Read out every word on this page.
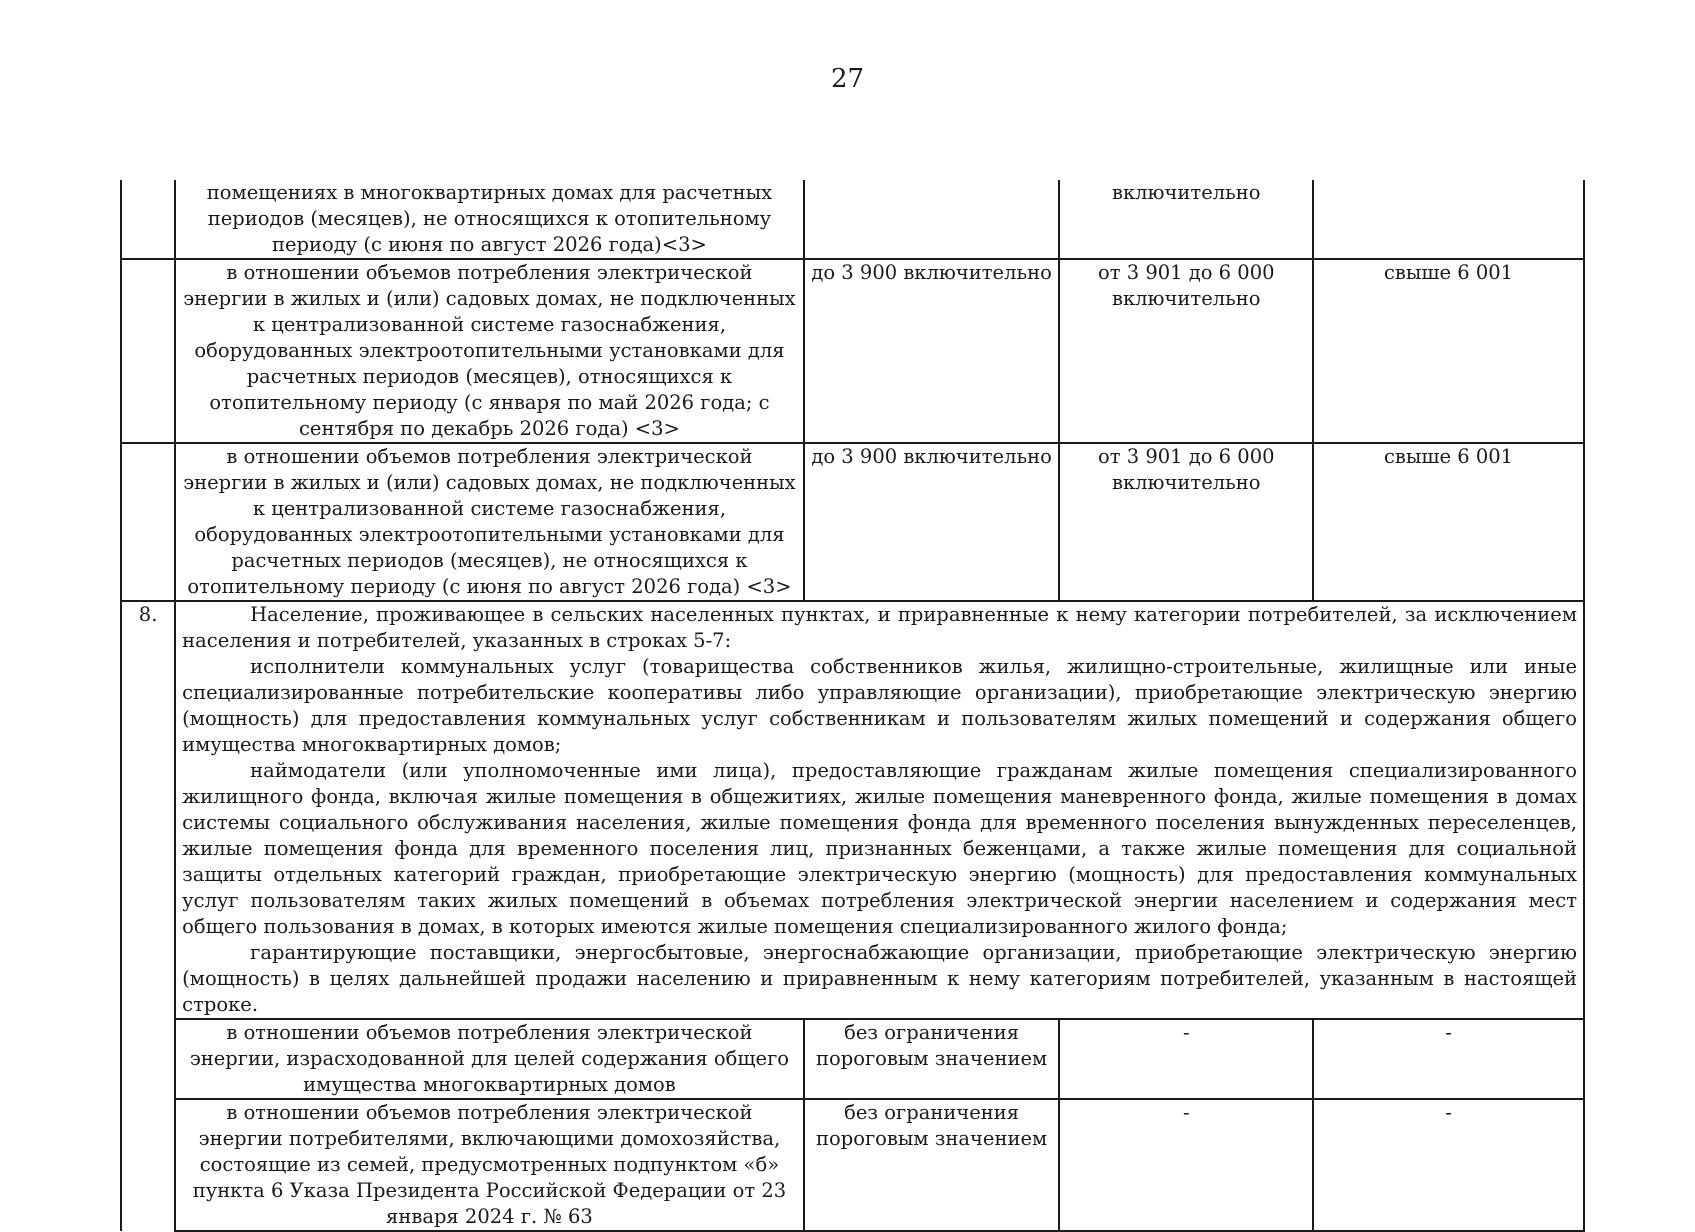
27
	помещениях в многоквартирных домах для расчетных периодов (месяцев), не относящихся к отопительному периоду (с июня по август 2026 года)<3>		включительно	
	в отношении объемов потребления электрической энергии в жилых и (или) садовых домах, не подключенных к централизованной системе газоснабжения, оборудованных электроотопительными установками для расчетных периодов (месяцев), относящихся к отопительному периоду (с января по май 2026 года; с сентября по декабрь 2026 года) <3>	до 3 900 включительно	от 3 901 до 6 000 включительно	свыше 6 001
	в отношении объемов потребления электрической энергии в жилых и (или) садовых домах, не подключенных к централизованной системе газоснабжения, оборудованных электроотопительными установками для расчетных периодов (месяцев), не относящихся к отопительному периоду (с июня по август 2026 года) <3>	до 3 900 включительно	от 3 901 до 6 000 включительно	свыше 6 001
8.	Население, проживающее в сельских населенных пунктах, и приравненные к нему категории потребителей, за исключением населения и потребителей, указанных в строках 5-7:

исполнители коммунальных услуг (товарищества собственников жилья, жилищно-строительные, жилищные или иные специализированные потребительские кооперативы либо управляющие организации), приобретающие электрическую энергию (мощность) для предоставления коммунальных услуг собственникам и пользователям жилых помещений и содержания общего имущества многоквартирных домов;

наймодатели (или уполномоченные ими лица), предоставляющие гражданам жилые помещения специализированного жилищного фонда, включая жилые помещения в общежитиях, жилые помещения маневренного фонда, жилые помещения в домах системы социального обслуживания населения, жилые помещения фонда для временного поселения вынужденных переселенцев, жилые помещения фонда для временного поселения лиц, признанных беженцами, а также жилые помещения для социальной защиты отдельных категорий граждан, приобретающие электрическую энергию (мощность) для предоставления коммунальных услуг пользователям таких жилых помещений в объемах потребления электрической энергии населением и содержания мест общего пользования в домах, в которых имеются жилые помещения специализированного жилого фонда;

гарантирующие поставщики, энергосбытовые, энергоснабжающие организации, приобретающие электрическую энергию (мощность) в целях дальнейшей продажи населению и приравненным к нему категориям потребителей, указанным в настоящей строке.			

	в отношении объемов потребления электрической энергии, израсходованной для целей содержания общего имущества многоквартирных домов	без ограничения пороговым значением	-	-
	в отношении объемов потребления электрической энергии потребителями, включающими домохозяйства, состоящие из семей, предусмотренных подпунктом «б» пункта 6 Указа Президента Российской Федерации от 23 января 2024 г. № 63	без ограничения пороговым значением	-	-
